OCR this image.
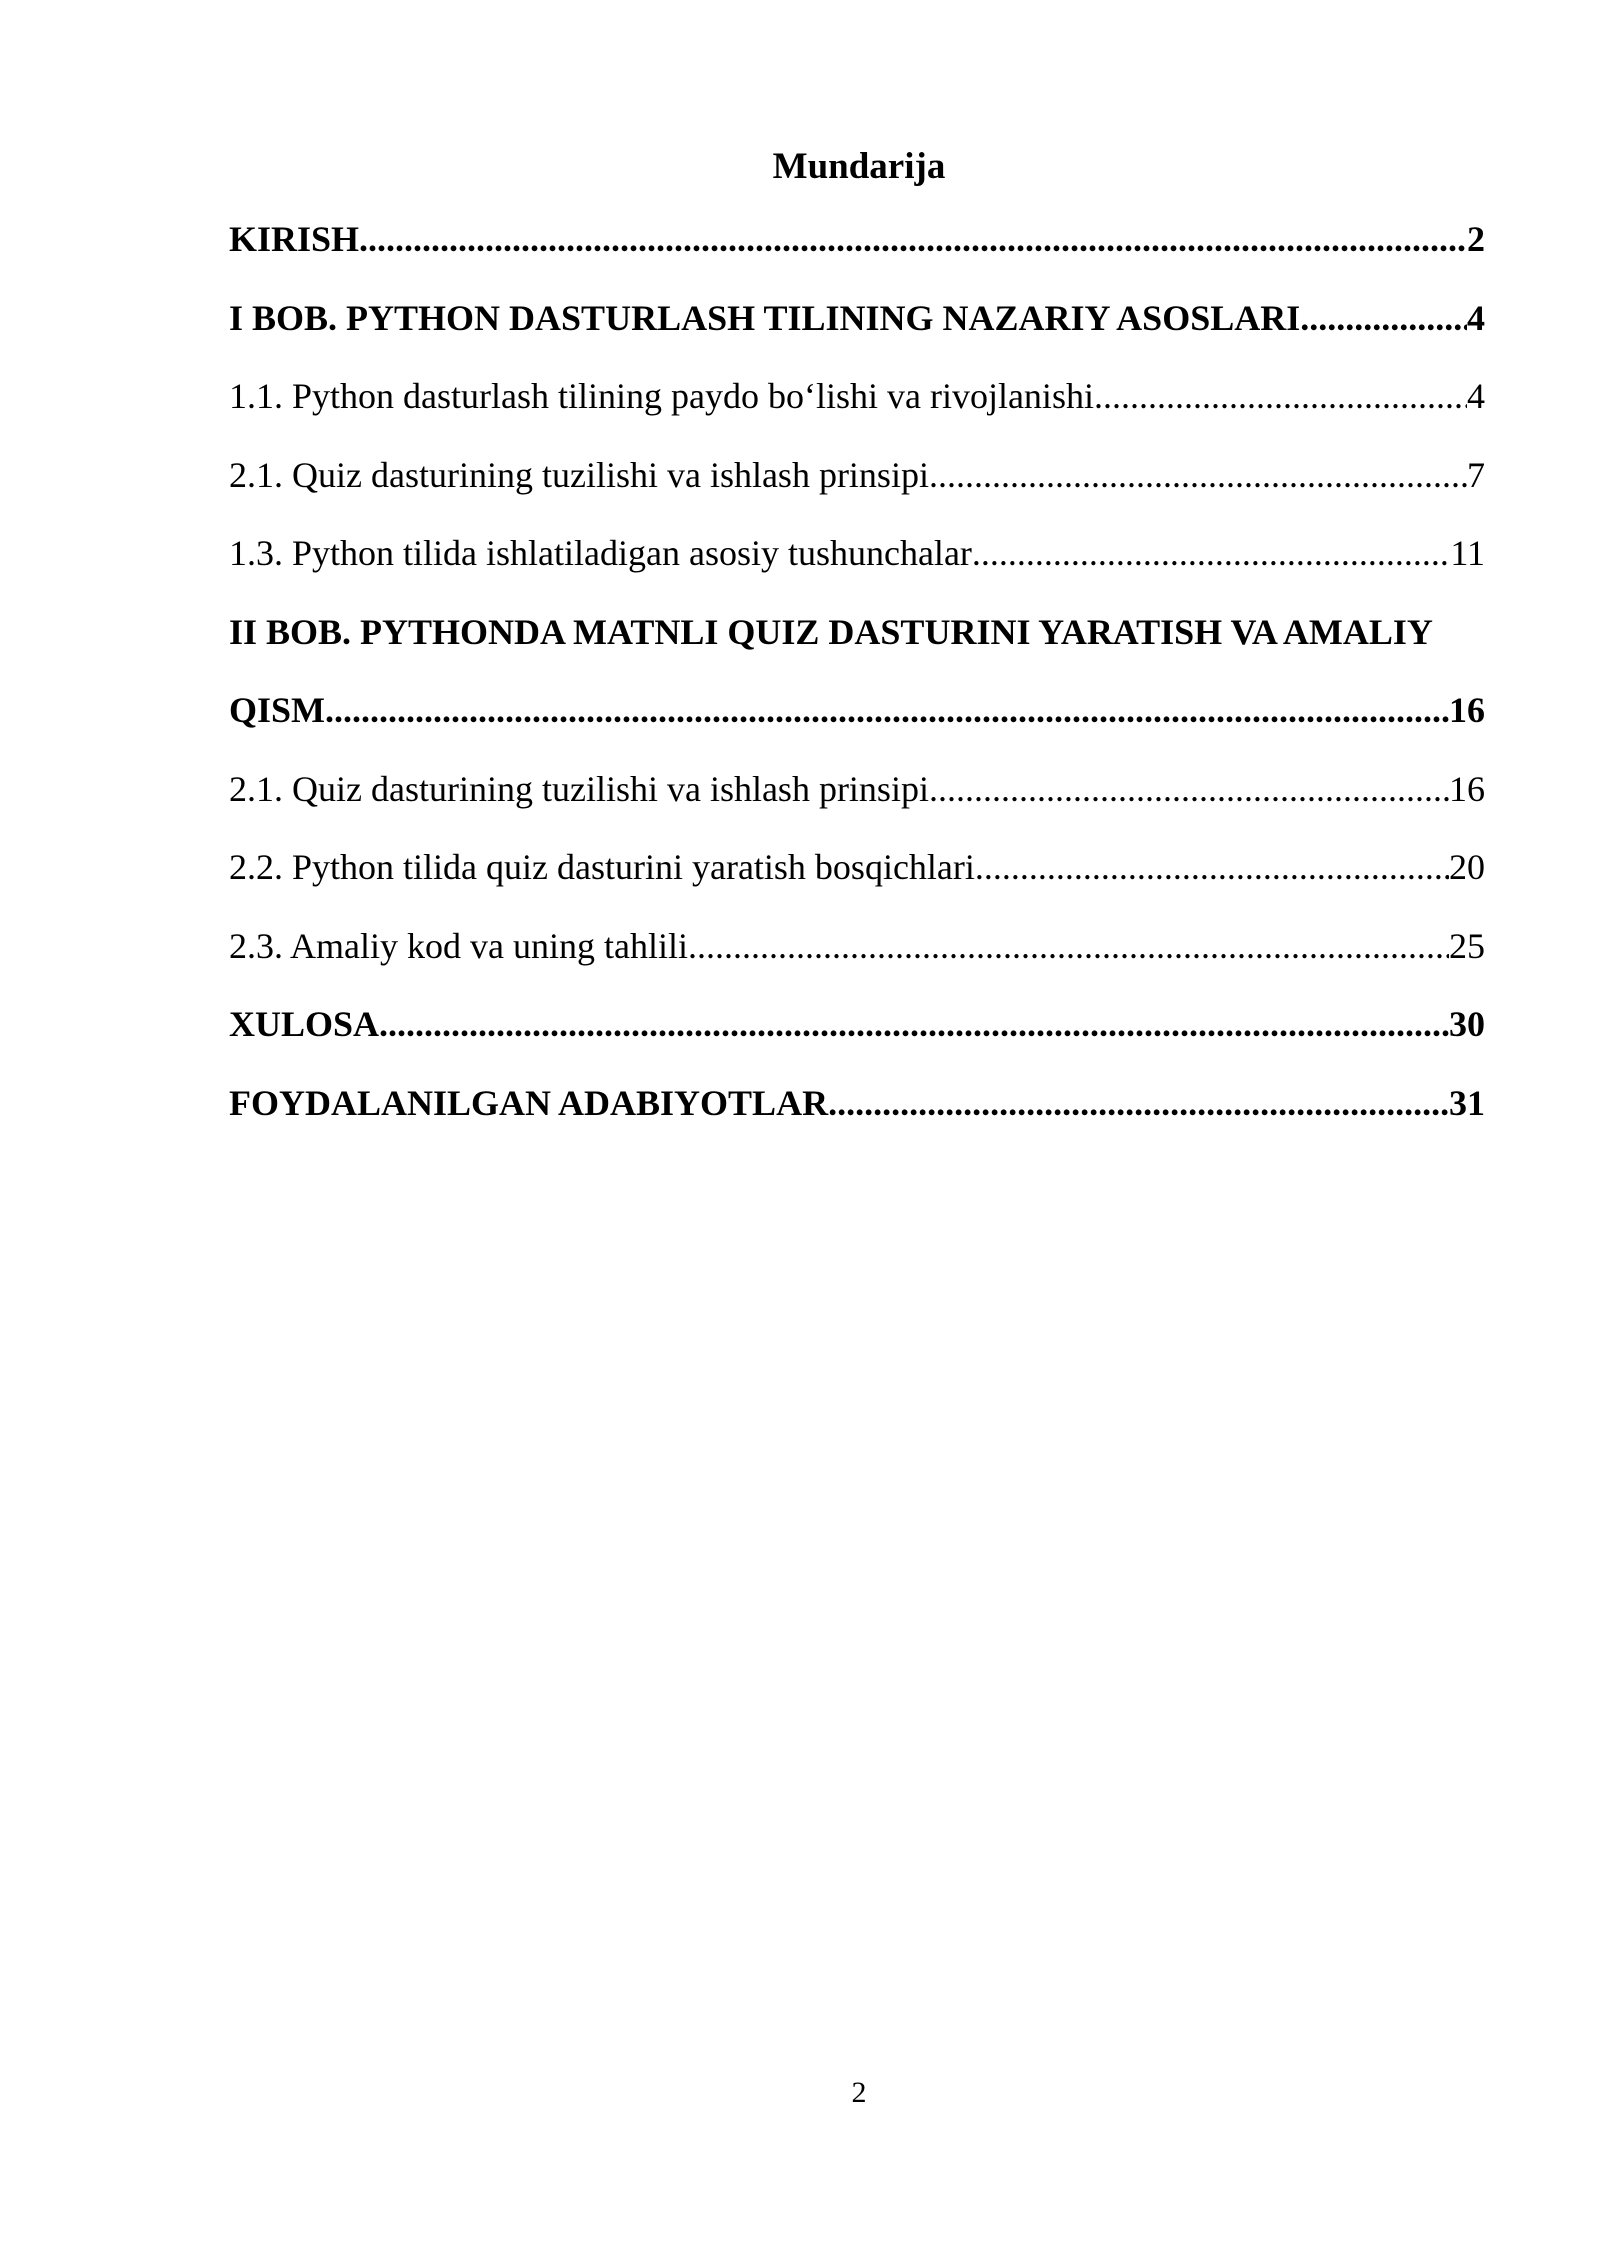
Mundarija
KIRISH .....	2
I BOB. PYTHON DASTURLASH TILINING NAZARIY ASOSLARI .....	4
1.1. Python dasturlash tilining paydo bo‘lishi va rivojlanishi .....	4
2.1. Quiz dasturining tuzilishi va ishlash prinsipi .....	7
1.3. Python tilida ishlatiladigan asosiy tushunchalar .....	11
II BOB. PYTHONDA MATNLI QUIZ DASTURINI YARATISH VA AMALIY
QISM .....	16
2.1. Quiz dasturining tuzilishi va ishlash prinsipi .....	16
2.2. Python tilida quiz dasturini yaratish bosqichlari .....	20
2.3. Amaliy kod va uning tahlili .....	25
XULOSA .....	30
FOYDALANILGAN ADABIYOTLAR .....	31
2
